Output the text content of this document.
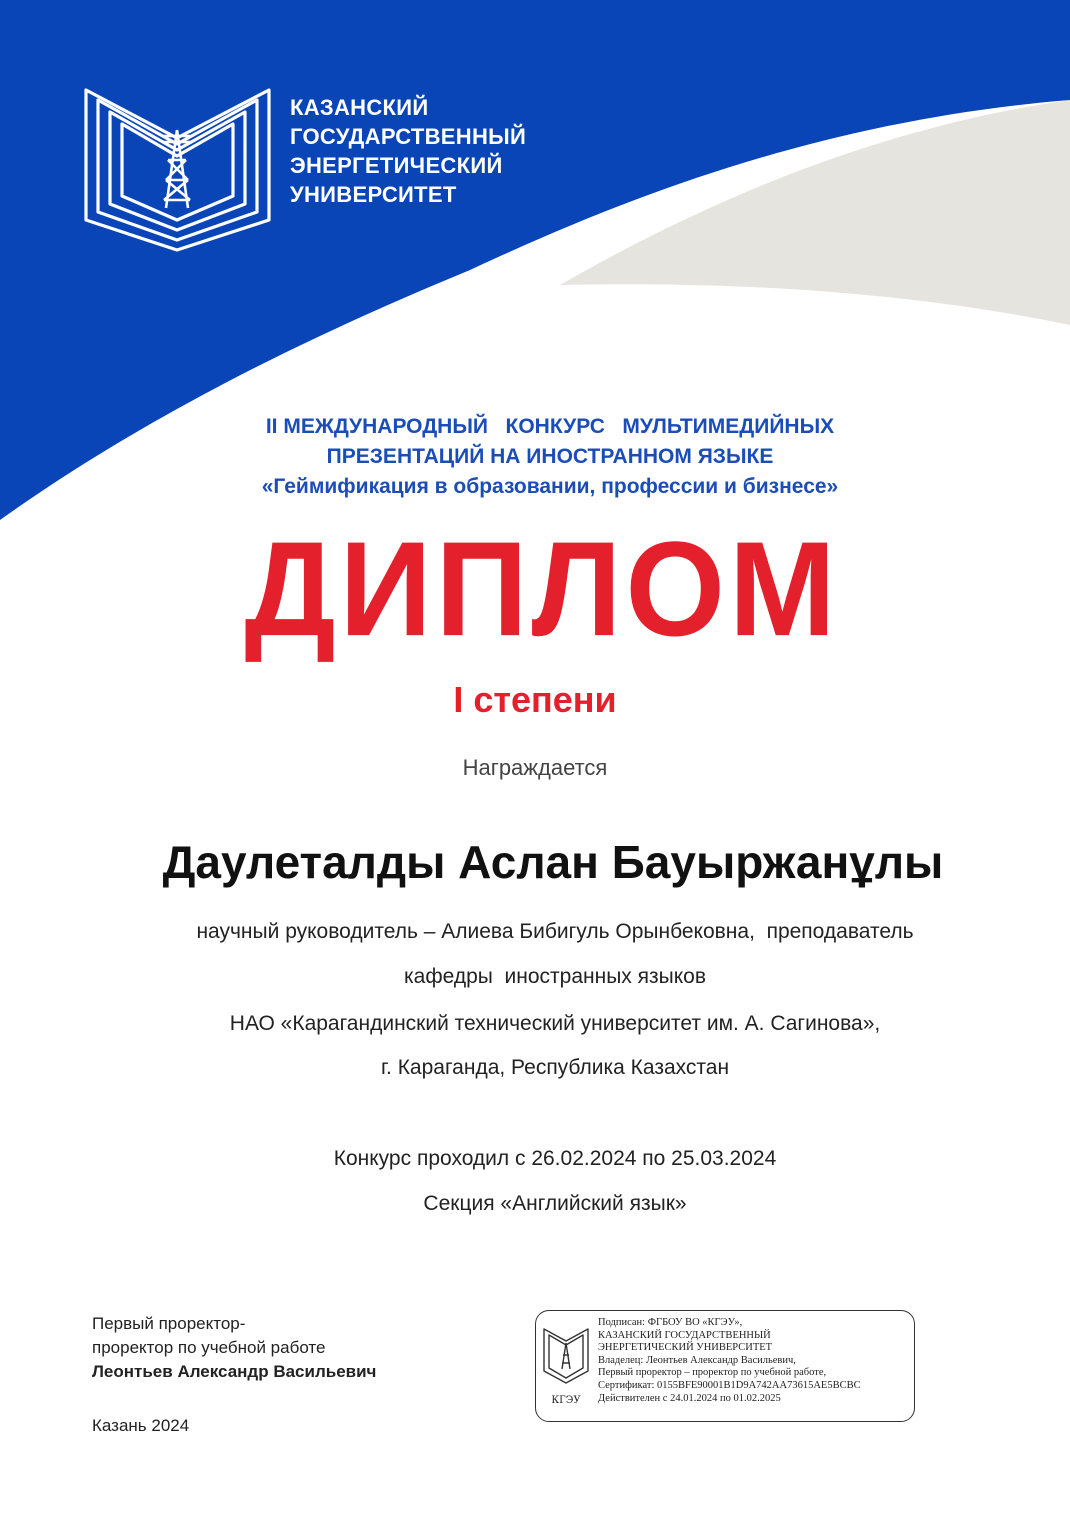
КАЗАНСКИЙ
ГОСУДАРСТВЕННЫЙ
ЭНЕРГЕТИЧЕСКИЙ
УНИВЕРСИТЕТ
II МЕЖДУНАРОДНЫЙ   КОНКУРС   МУЛЬТИМЕДИЙНЫХ
ПРЕЗЕНТАЦИЙ НА ИНОСТРАННОМ ЯЗЫКЕ
«Геймификация в образовании, профессии и бизнесе»
ДИПЛОМ
I степени
Награждается
Даулеталды Аслан Бауыржанұлы
научный руководитель – Алиева Бибигуль Орынбековна,  преподаватель
кафедры  иностранных языков
НАО «Карагандинский технический университет им. А. Сагинова»,
г. Караганда, Республика Казахстан
Конкурс проходил с 26.02.2024 по 25.03.2024
Секция «Английский язык»
Первый проректор-
проректор по учебной работе
Леонтьев Александр Васильевич
Казань 2024
КГЭУ
Подписан: ФГБОУ ВО «КГЭУ»,
КАЗАНСКИЙ ГОСУДАРСТВЕННЫЙ
ЭНЕРГЕТИЧЕСКИЙ УНИВЕРСИТЕТ
Владелец: Леонтьев Александр Васильевич,
Первый проректор – проректор по учебной работе,
Сертификат: 0155BFE90001B1D9A742AA73615AE5BCBC
Действителен с 24.01.2024 по 01.02.2025
